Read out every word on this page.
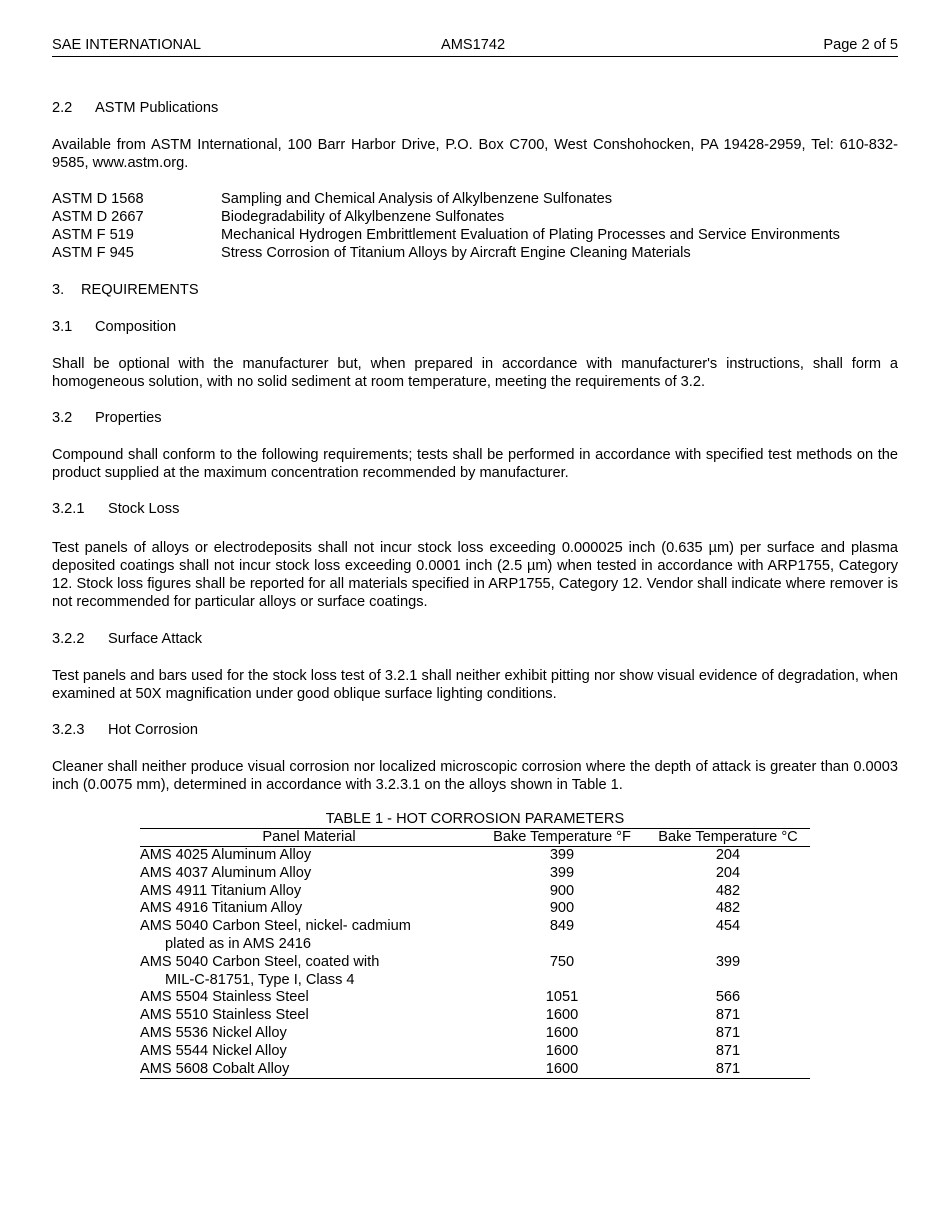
SAE INTERNATIONAL	AMS1742	Page 2 of 5
2.2 ASTM Publications
Available from ASTM International, 100 Barr Harbor Drive, P.O. Box C700, West Conshohocken, PA 19428-2959, Tel: 610-832-9585, www.astm.org.
ASTM D 1568	Sampling and Chemical Analysis of Alkylbenzene Sulfonates
ASTM D 2667	Biodegradability of Alkylbenzene Sulfonates
ASTM F 519	Mechanical Hydrogen Embrittlement Evaluation of Plating Processes and Service Environments
ASTM F 945	Stress Corrosion of Titanium Alloys by Aircraft Engine Cleaning Materials
3. REQUIREMENTS
3.1 Composition
Shall be optional with the manufacturer but, when prepared in accordance with manufacturer's instructions, shall form a homogeneous solution, with no solid sediment at room temperature, meeting the requirements of 3.2.
3.2 Properties
Compound shall conform to the following requirements; tests shall be performed in accordance with specified test methods on the product supplied at the maximum concentration recommended by manufacturer.
3.2.1 Stock Loss
Test panels of alloys or electrodeposits shall not incur stock loss exceeding 0.000025 inch (0.635 µm) per surface and plasma deposited coatings shall not incur stock loss exceeding 0.0001 inch (2.5 µm) when tested in accordance with ARP1755, Category 12. Stock loss figures shall be reported for all materials specified in ARP1755, Category 12. Vendor shall indicate where remover is not recommended for particular alloys or surface coatings.
3.2.2 Surface Attack
Test panels and bars used for the stock loss test of 3.2.1 shall neither exhibit pitting nor show visual evidence of degradation, when examined at 50X magnification under good oblique surface lighting conditions.
3.2.3 Hot Corrosion
Cleaner shall neither produce visual corrosion nor localized microscopic corrosion where the depth of attack is greater than 0.0003 inch (0.0075 mm), determined in accordance with 3.2.3.1 on the alloys shown in Table 1.
TABLE 1 - HOT CORROSION PARAMETERS
Panel Material	Bake Temperature °F	Bake Temperature °C

AMS 4025 Aluminum Alloy	399	204

AMS 4037 Aluminum Alloy	399	204

AMS 4911 Titanium Alloy	900	482

AMS 4916 Titanium Alloy	900	482

AMS 5040 Carbon Steel, nickel- cadmium
plated as in AMS 2416	849	454

AMS 5040 Carbon Steel, coated with
MIL-C-81751, Type I, Class 4	750	399

AMS 5504 Stainless Steel	1051	566

AMS 5510 Stainless Steel	1600	871

AMS 5536 Nickel Alloy	1600	871

AMS 5544 Nickel Alloy	1600	871

AMS 5608 Cobalt Alloy	1600	871
